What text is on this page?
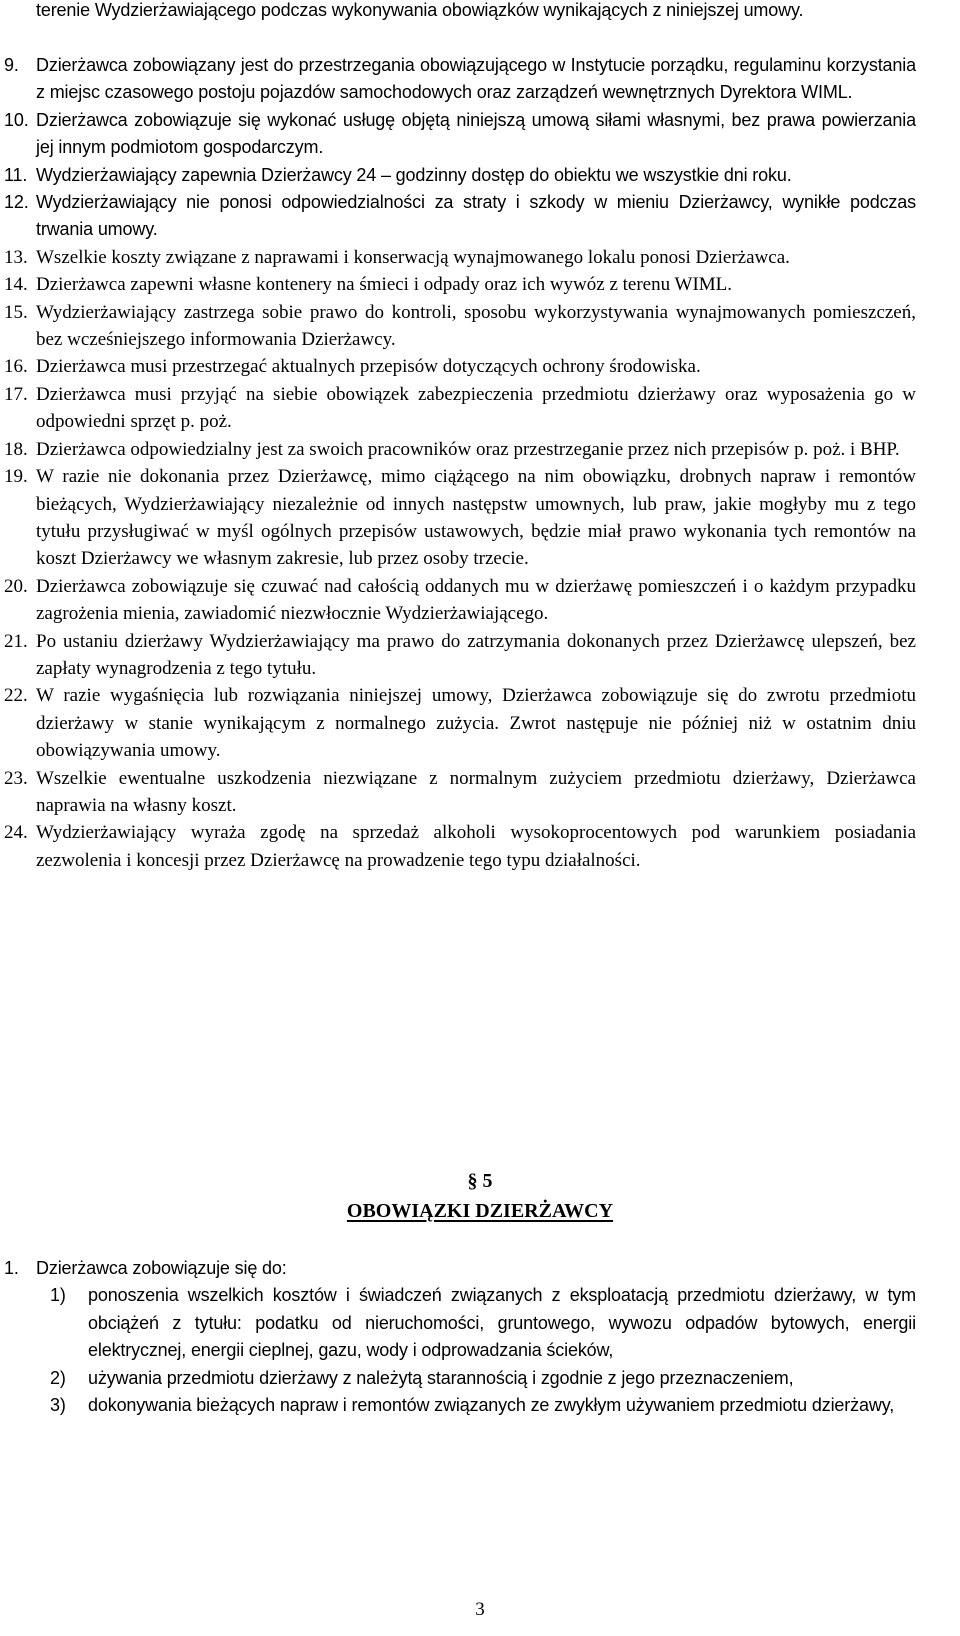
terenie Wydzierżawiającego podczas wykonywania obowiązków wynikających z niniejszej umowy.
9. Dzierżawca zobowiązany jest do przestrzegania obowiązującego w Instytucie porządku, regulaminu korzystania z miejsc czasowego postoju pojazdów samochodowych oraz zarządzeń wewnętrznych Dyrektora WIML.
10. Dzierżawca zobowiązuje się wykonać usługę objętą niniejszą umową siłami własnymi, bez prawa powierzania jej innym podmiotom gospodarczym.
11. Wydzierżawiający zapewnia Dzierżawcy 24 – godzinny dostęp do obiektu we wszystkie dni roku.
12. Wydzierżawiający nie ponosi odpowiedzialności za straty i szkody w mieniu Dzierżawcy, wynikłe podczas trwania umowy.
13. Wszelkie koszty związane z naprawami i konserwacją wynajmowanego lokalu ponosi Dzierżawca.
14. Dzierżawca zapewni własne kontenery na śmieci i odpady oraz ich wywóz z terenu WIML.
15. Wydzierżawiający zastrzega sobie prawo do kontroli, sposobu wykorzystywania wynajmowanych pomieszczeń, bez wcześniejszego informowania Dzierżawcy.
16. Dzierżawca musi przestrzegać aktualnych przepisów dotyczących ochrony środowiska.
17. Dzierżawca musi przyjąć na siebie obowiązek zabezpieczenia przedmiotu dzierżawy oraz wyposażenia go w odpowiedni sprzęt p. poż.
18. Dzierżawca odpowiedzialny jest za swoich pracowników oraz przestrzeganie przez nich przepisów p. poż. i BHP.
19. W razie nie dokonania przez Dzierżawcę, mimo ciążącego na nim obowiązku, drobnych napraw i remontów bieżących, Wydzierżawiający niezależnie od innych następstw umownych, lub praw, jakie mogłyby mu z tego tytułu przysługiwać w myśl ogólnych przepisów ustawowych, będzie miał prawo wykonania tych remontów na koszt Dzierżawcy we własnym zakresie, lub przez osoby trzecie.
20. Dzierżawca zobowiązuje się czuwać nad całością oddanych mu w dzierżawę pomieszczeń i o każdym przypadku zagrożenia mienia, zawiadomić niezwłocznie Wydzierżawiającego.
21. Po ustaniu dzierżawy Wydzierżawiający ma prawo do zatrzymania dokonanych przez Dzierżawcę ulepszeń, bez zapłaty wynagrodzenia z tego tytułu.
22. W razie wygaśnięcia lub rozwiązania niniejszej umowy, Dzierżawca zobowiązuje się do zwrotu przedmiotu dzierżawy w stanie wynikającym z normalnego zużycia. Zwrot następuje nie później niż w ostatnim dniu obowiązywania umowy.
23. Wszelkie ewentualne uszkodzenia niezwiązane z normalnym zużyciem przedmiotu dzierżawy, Dzierżawca naprawia na własny koszt.
24. Wydzierżawiający wyraża zgodę na sprzedaż alkoholi wysokoprocentowych pod warunkiem posiadania zezwolenia i koncesji przez Dzierżawcę na prowadzenie tego typu działalności.
§ 5
OBOWIĄZKI DZIERŻAWCY
1. Dzierżawca zobowiązuje się do:
1)	ponoszenia wszelkich kosztów i świadczeń związanych z eksploatacją przedmiotu dzierżawy, w tym obciążeń z tytułu: podatku od nieruchomości, gruntowego, wywozu odpadów bytowych, energii elektrycznej, energii cieplnej, gazu, wody i odprowadzania ścieków,
2)	używania przedmiotu dzierżawy z należytą starannością i zgodnie z jego przeznaczeniem,
3)	dokonywania bieżących napraw i remontów związanych ze zwykłym używaniem przedmiotu dzierżawy,
3
